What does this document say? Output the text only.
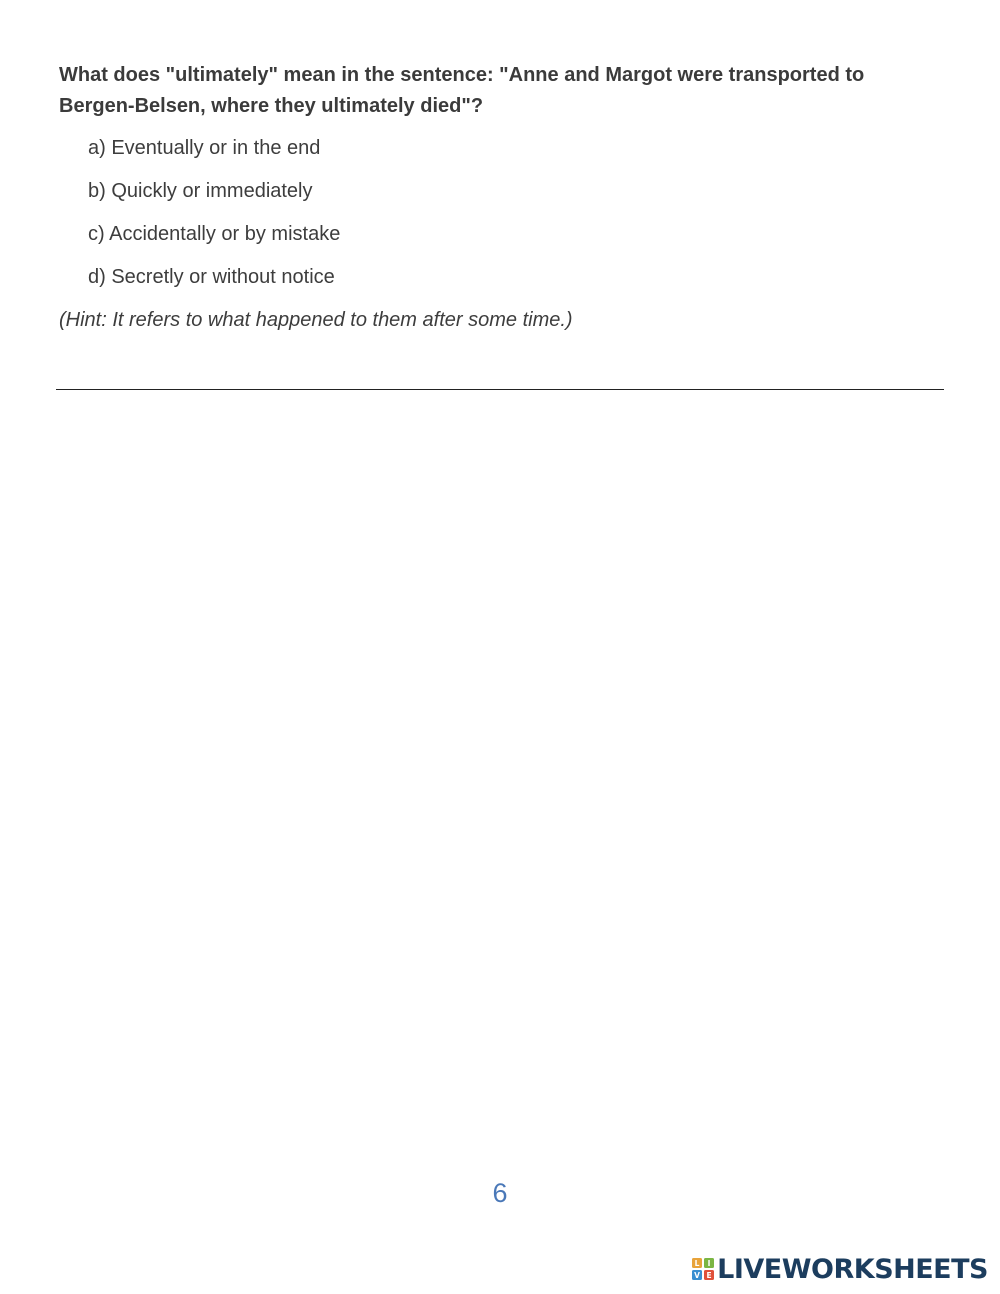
What does "ultimately" mean in the sentence: "Anne and Margot were transported to Bergen-Belsen, where they ultimately died"?

a) Eventually or in the end
b) Quickly or immediately
c) Accidentally or by mistake
d) Secretly or without notice
(Hint: It refers to what happened to them after some time.)
6
L I
V E LIVEWORKSHEETS
